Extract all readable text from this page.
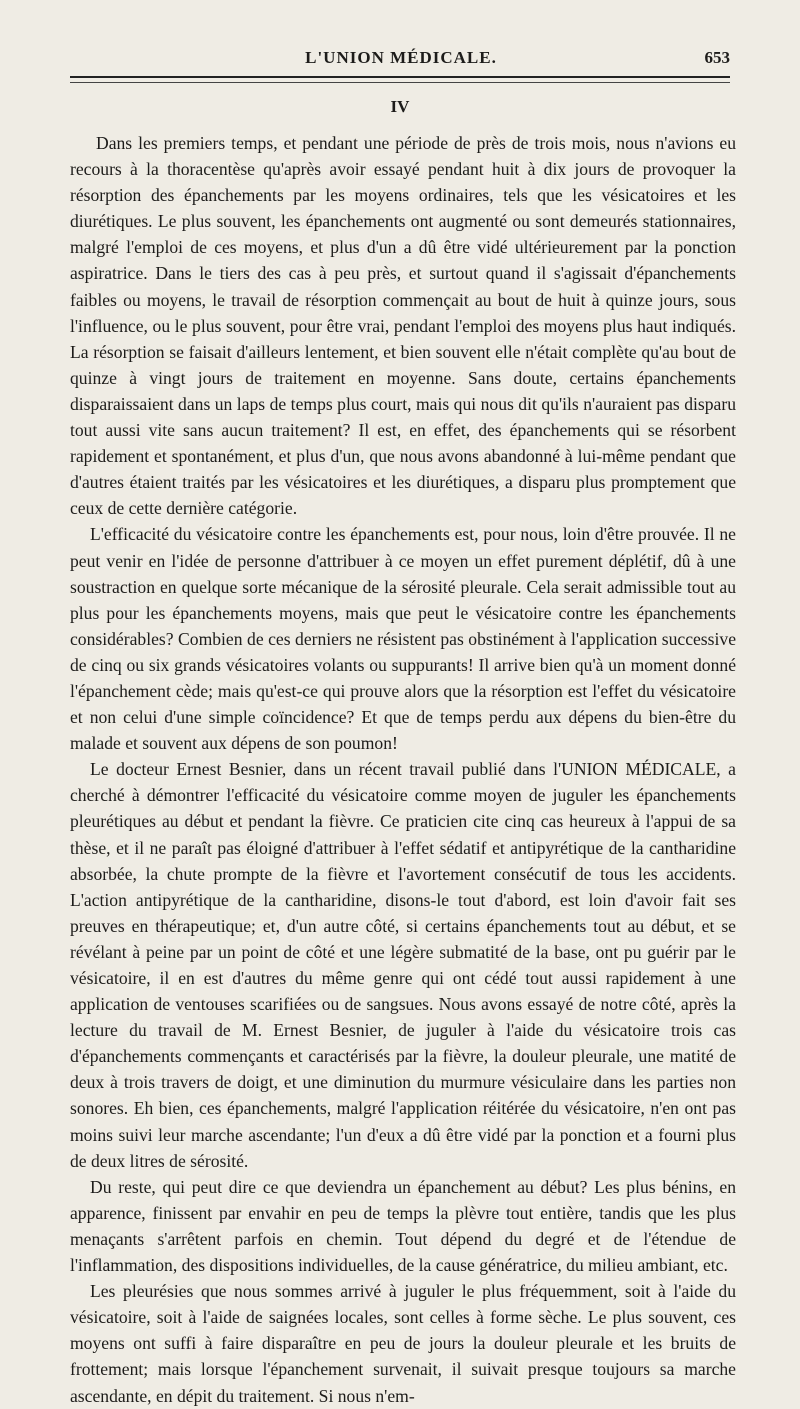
L'UNION MÉDICALE.	653
IV

Dans les premiers temps, et pendant une période de près de trois mois, nous n'avions eu recours à la thoracentèse qu'après avoir essayé pendant huit à dix jours de provoquer la résorption des épanchements par les moyens ordinaires, tels que les vésicatoires et les diurétiques. Le plus souvent, les épanchements ont augmenté ou sont demeurés stationnaires, malgré l'emploi de ces moyens, et plus d'un a dû être vidé ultérieurement par la ponction aspiratrice. Dans le tiers des cas à peu près, et surtout quand il s'agissait d'épanchements faibles ou moyens, le travail de résorption commençait au bout de huit à quinze jours, sous l'influence, ou le plus souvent, pour être vrai, pendant l'emploi des moyens plus haut indiqués. La résorption se faisait d'ailleurs lentement, et bien souvent elle n'était complète qu'au bout de quinze à vingt jours de traitement en moyenne. Sans doute, certains épanchements disparaissaient dans un laps de temps plus court, mais qui nous dit qu'ils n'auraient pas disparu tout aussi vite sans aucun traitement? Il est, en effet, des épanchements qui se résorbent rapidement et spontanément, et plus d'un, que nous avons abandonné à lui-même pendant que d'autres étaient traités par les vésicatoires et les diurétiques, a disparu plus promptement que ceux de cette dernière catégorie.

L'efficacité du vésicatoire contre les épanchements est, pour nous, loin d'être prouvée. Il ne peut venir en l'idée de personne d'attribuer à ce moyen un effet purement déplétif, dû à une soustraction en quelque sorte mécanique de la sérosité pleurale. Cela serait admissible tout au plus pour les épanchements moyens, mais que peut le vésicatoire contre les épanchements considérables? Combien de ces derniers ne résistent pas obstinément à l'application successive de cinq ou six grands vésicatoires volants ou suppurants! Il arrive bien qu'à un moment donné l'épanchement cède; mais qu'est-ce qui prouve alors que la résorption est l'effet du vésicatoire et non celui d'une simple coïncidence? Et que de temps perdu aux dépens du bien-être du malade et souvent aux dépens de son poumon!

Le docteur Ernest Besnier, dans un récent travail publié dans l'UNION MÉDICALE, a cherché à démontrer l'efficacité du vésicatoire comme moyen de juguler les épanchements pleurétiques au début et pendant la fièvre. Ce praticien cite cinq cas heureux à l'appui de sa thèse, et il ne paraît pas éloigné d'attribuer à l'effet sédatif et antipyrétique de la cantharidine absorbée, la chute prompte de la fièvre et l'avortement consécutif de tous les accidents. L'action antipyrétique de la cantharidine, disons-le tout d'abord, est loin d'avoir fait ses preuves en thérapeutique; et, d'un autre côté, si certains épanchements tout au début, et se révélant à peine par un point de côté et une légère submatité de la base, ont pu guérir par le vésicatoire, il en est d'autres du même genre qui ont cédé tout aussi rapidement à une application de ventouses scarifiées ou de sangsues. Nous avons essayé de notre côté, après la lecture du travail de M. Ernest Besnier, de juguler à l'aide du vésicatoire trois cas d'épanchements commençants et caractérisés par la fièvre, la douleur pleurale, une matité de deux à trois travers de doigt, et une diminution du murmure vésiculaire dans les parties non sonores. Eh bien, ces épanchements, malgré l'application réitérée du vésicatoire, n'en ont pas moins suivi leur marche ascendante; l'un d'eux a dû être vidé par la ponction et a fourni plus de deux litres de sérosité.

Du reste, qui peut dire ce que deviendra un épanchement au début? Les plus bénins, en apparence, finissent par envahir en peu de temps la plèvre tout entière, tandis que les plus menaçants s'arrêtent parfois en chemin. Tout dépend du degré et de l'étendue de l'inflammation, des dispositions individuelles, de la cause génératrice, du milieu ambiant, etc.

Les pleurésies que nous sommes arrivé à juguler le plus fréquemment, soit à l'aide du vésicatoire, soit à l'aide de saignées locales, sont celles à forme sèche. Le plus souvent, ces moyens ont suffi à faire disparaître en peu de jours la douleur pleurale et les bruits de frottement; mais lorsque l'épanchement survenait, il suivait presque toujours sa marche ascendante, en dépit du traitement. Si nous n'em-
